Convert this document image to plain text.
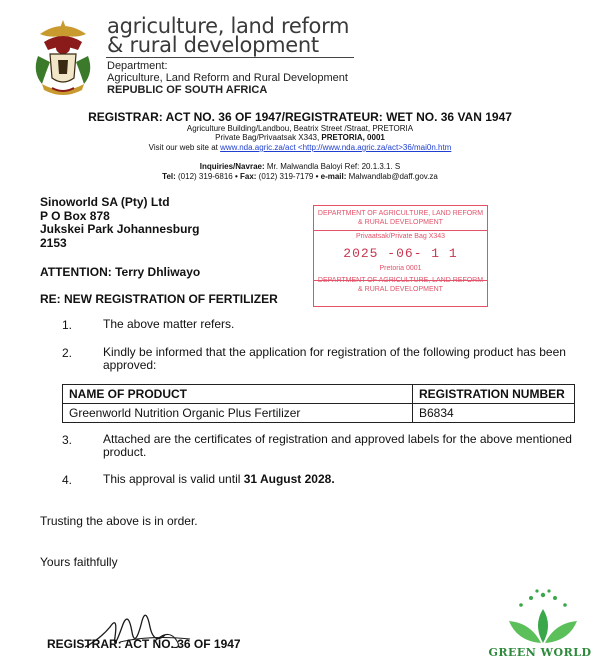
agriculture, land reform
& rural development
Department:
Agriculture, Land Reform and Rural Development
REPUBLIC OF SOUTH AFRICA
REGISTRAR: ACT NO. 36 OF 1947/REGISTRATEUR: WET NO. 36 VAN 1947
Agriculture Building/Landbou, Beatrix Street /Straat, PRETORIA
Private Bag/Privaatsak X343, PRETORIA, 0001
Visit our web site at www.nda.agric.za/act <http://www.nda.agric.za/act>36/mai0n.htm
Inquiries/Navrae: Mr. Malwandla Baloyi Ref: 20.1.3.1. S
Tel: (012) 319-6816 • Fax: (012) 319-7179 • e-mail: Malwandlab@daff.gov.za
Sinoworld SA (Pty) Ltd
P O Box 878
Jukskei Park Johannesburg
2153
DEPARTMENT OF AGRICULTURE, LAND REFORM
& RURAL DEVELOPMENT
Privaatsak/Private Bag X343
2025 -06- 1 1
Pretoria 0001
& RURAL DEVELOPMENT
ATTENTION: Terry Dhliwayo
RE: NEW REGISTRATION OF FERTILIZER
1.	The above matter refers.
2.	Kindly be informed that the application for registration of the following product has been
approved:
NAME OF PRODUCT	REGISTRATION NUMBER
Greenworld Nutrition Organic Plus Fertilizer	B6834
3.	Attached are the certificates of registration and approved labels for the above mentioned
product.
4.	This approval is valid until 31 August 2028.
Trusting the above is in order.
Yours faithfully
REGISTRAR: ACT NO. 36 OF 1947
GREEN WORLD
